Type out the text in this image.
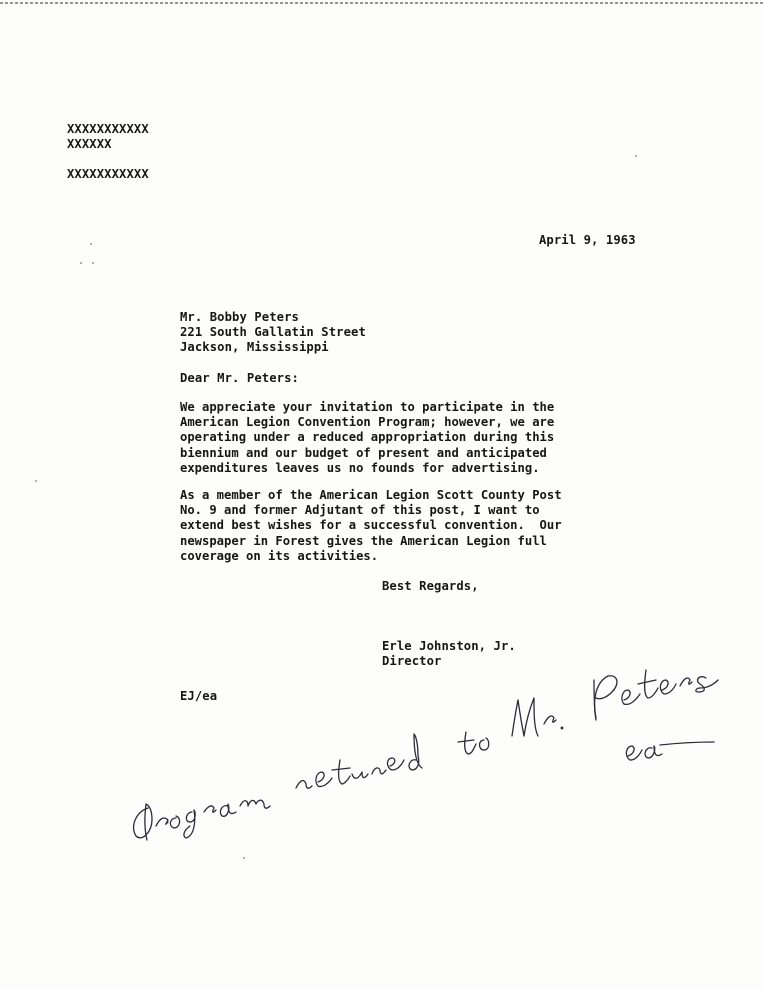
XXXXXXXXXXX
XXXXXX
XXXXXXXXXXX
April 9, 1963
Mr. Bobby Peters
221 South Gallatin Street
Jackson, Mississippi
Dear Mr. Peters:
We appreciate your invitation to participate in the
American Legion Convention Program; however, we are
operating under a reduced appropriation during this
biennium and our budget of present and anticipated
expenditures leaves us no founds for advertising.
As a member of the American Legion Scott County Post
No. 9 and former Adjutant of this post, I want to
extend best wishes for a successful convention.  Our
newspaper in Forest gives the American Legion full
coverage on its activities.
Best Regards,
Erle Johnston, Jr.
Director
EJ/ea
